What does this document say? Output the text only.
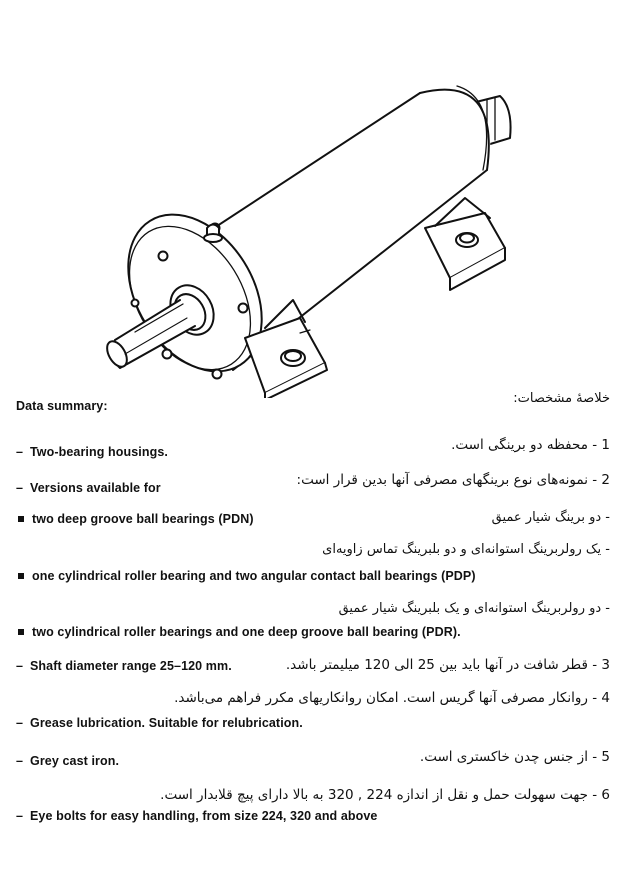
Data summary:	خلاصهٔ مشخصات:
1 - محفظه دو برینگی است.
– Two-bearing housings.
2 - نمونه‌های نوع برینگهای مصرفی آنها بدین قرار است:
– Versions available for
- دو برینگ شیار عمیق
two deep groove ball bearings (PDN)
- یک رولربرینگ استوانه‌ای و دو بلبرینگ تماس زاویه‌ای
one cylindrical roller bearing and two angular contact ball bearings (PDP)
- دو رولربرینگ استوانه‌ای و یک بلبرینگ شیار عمیق
two cylindrical roller bearings and one deep groove ball bearing (PDR).
– Shaft diameter range 25–120 mm.	3 - قطر شافت در آنها باید بین 25 الی 120 میلیمتر باشد.
4 - روانکار مصرفی آنها گریس است. امکان روانکاریهای مکرر فراهم می‌باشد.
– Grease lubrication. Suitable for relubrication.
– Grey cast iron.	5 - از جنس چدن خاکستری است.
6 - جهت سهولت حمل و نقل از اندازه 224 , 320 به بالا دارای پیچ قلابدار است.
– Eye bolts for easy handling, from size 224, 320 and above
